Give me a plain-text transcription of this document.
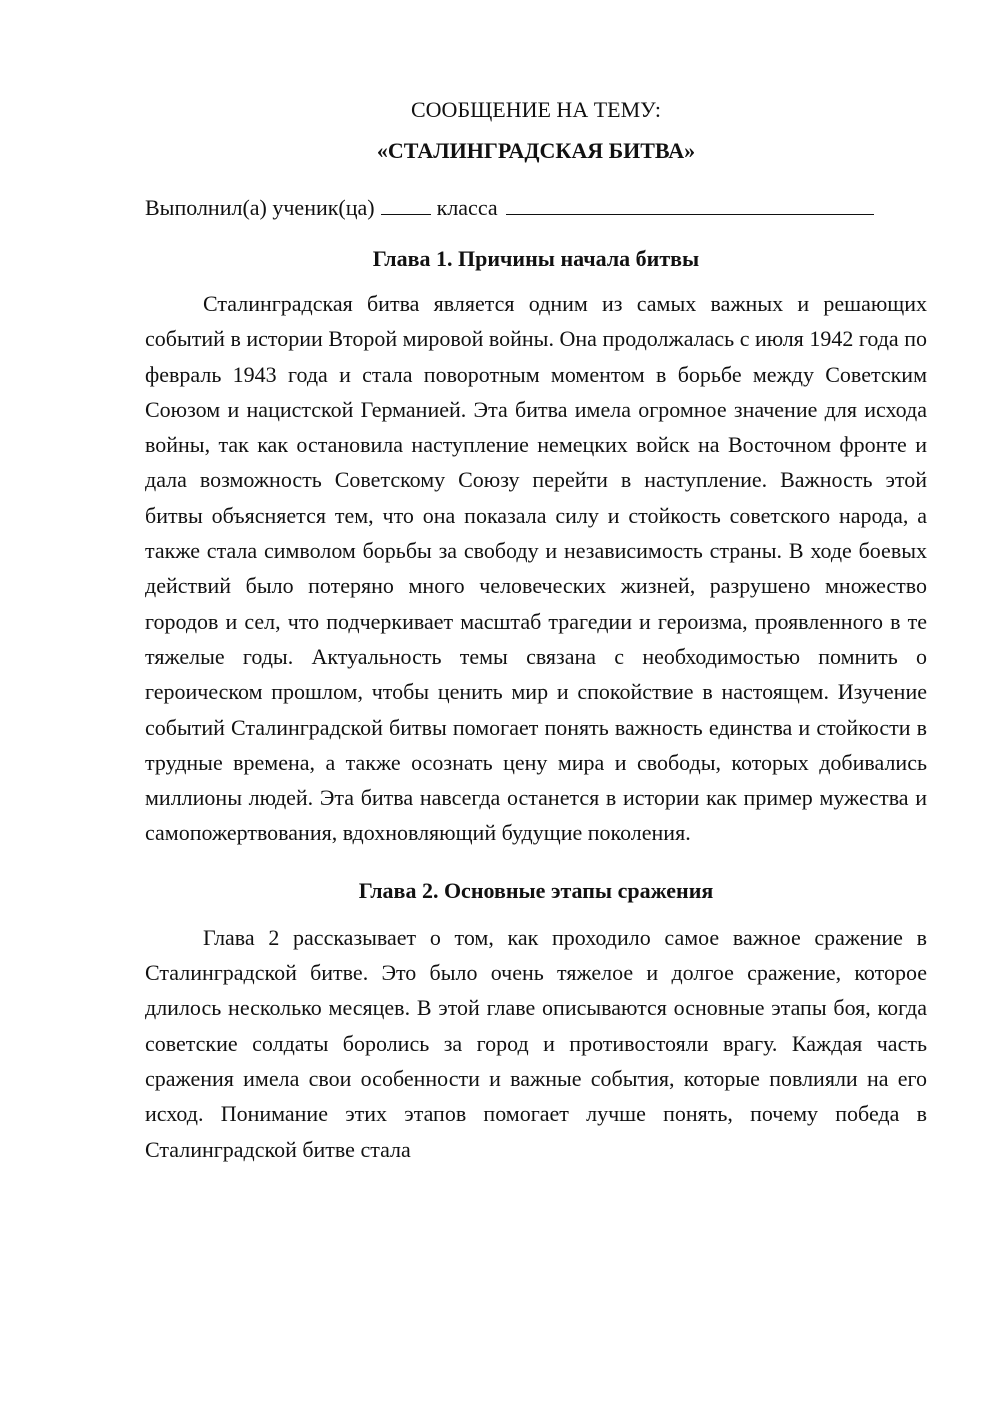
СООБЩЕНИЕ НА ТЕМУ:
«СТАЛИНГРАДСКАЯ БИТВА»

Выполнил(а) ученик(ца)	класса

Глава 1. Причины начала битвы

Сталинградская битва является одним из самых важных и решающих событий в истории Второй мировой войны. Она продолжалась с июля 1942 года по февраль 1943 года и стала поворотным моментом в борьбе между Советским Союзом и нацистской Германией. Эта битва имела огромное значение для исхода войны, так как остановила наступление немецких войск на Восточном фронте и дала возможность Советскому Союзу перейти в наступление. Важность этой битвы объясняется тем, что она показала силу и стойкость советского народа, а также стала символом борьбы за свободу и независимость страны. В ходе боевых действий было потеряно много человеческих жизней, разрушено множество городов и сел, что подчеркивает масштаб трагедии и героизма, проявленного в те тяжелые годы. Актуальность темы связана с необходимостью помнить о героическом прошлом, чтобы ценить мир и спокойствие в настоящем. Изучение событий Сталинградской битвы помогает понять важность единства и стойкости в трудные времена, а также осознать цену мира и свободы, которых добивались миллионы людей. Эта битва навсегда останется в истории как пример мужества и самопожертвования, вдохновляющий будущие поколения.

Глава 2. Основные этапы сражения

Глава 2 рассказывает о том, как проходило самое важное сражение в Сталинградской битве. Это было очень тяжелое и долгое сражение, которое длилось несколько месяцев. В этой главе описываются основные этапы боя, когда советские солдаты боролись за город и противостояли врагу. Каждая часть сражения имела свои особенности и важные события, которые повлияли на его исход. Понимание этих этапов помогает лучше понять, почему победа в Сталинградской битве стала
